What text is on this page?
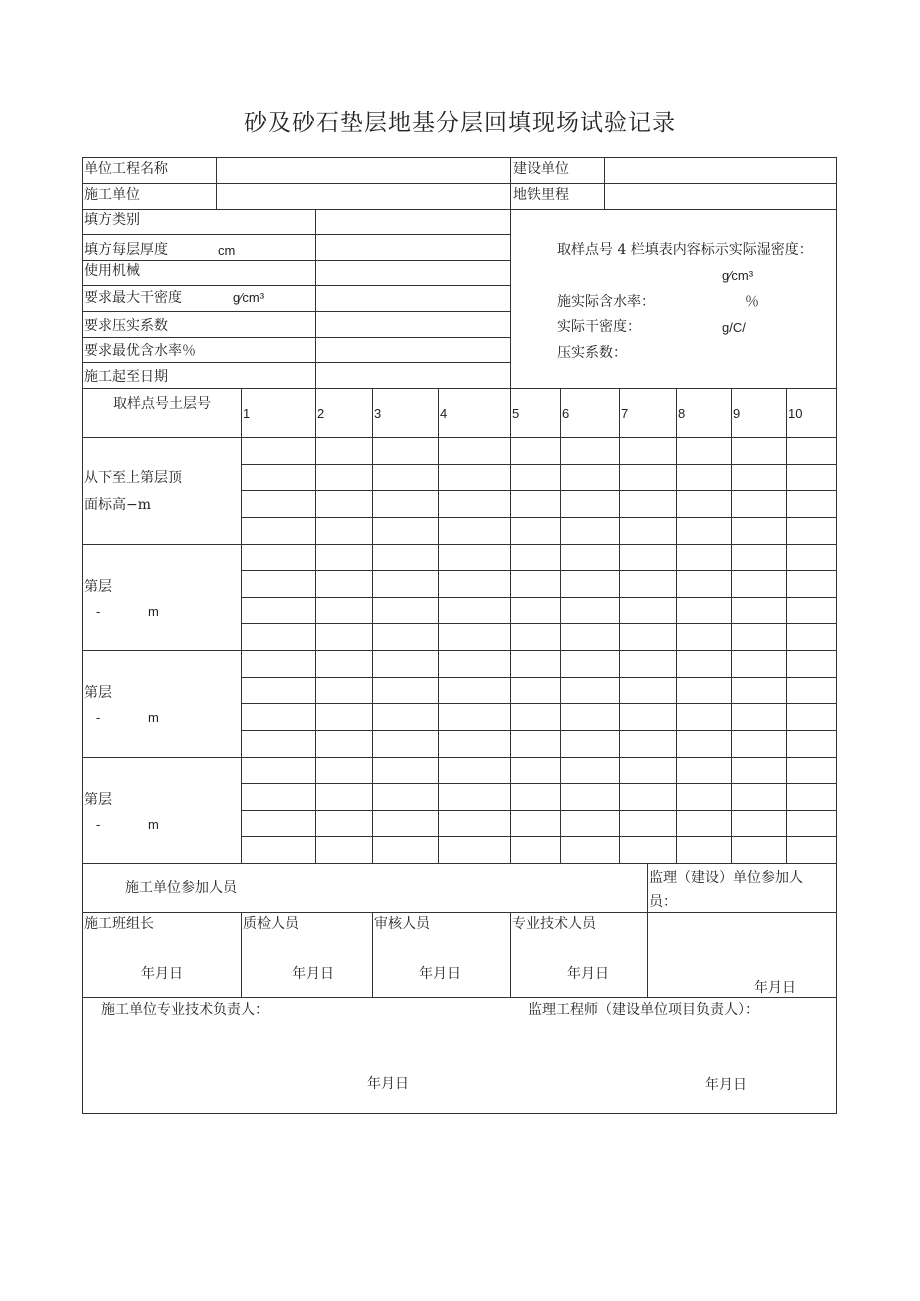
砂及砂石垫层地基分层回填现场试验记录
单位工程名称	建设单位
施工单位	地铁里程
填方类别
填方每层厚度	cm
使用机械
要求最大干密度	g∕cm³
要求压实系数
要求最优含水率％
施工起至日期
取样点号 4 栏填表内容标示实际湿密度：
g∕cm³
施实际含水率：	％
实际干密度：	g/C/
压实系数：
取样点号土层号
1	2	3	4	5	6	7	8	9	10
从下至上第层顶
面标高−m
第层
-	m
第层
-	m
第层
-	m
施工单位参加人员
监理（建设）单位参加人
员：
施工班组长	质检人员	审核人员	专业技术人员
年月日	年月日	年月日	年月日
年月日
施工单位专业技术负责人：	监理工程师（建设单位项目负责人）：
年月日	年月日
